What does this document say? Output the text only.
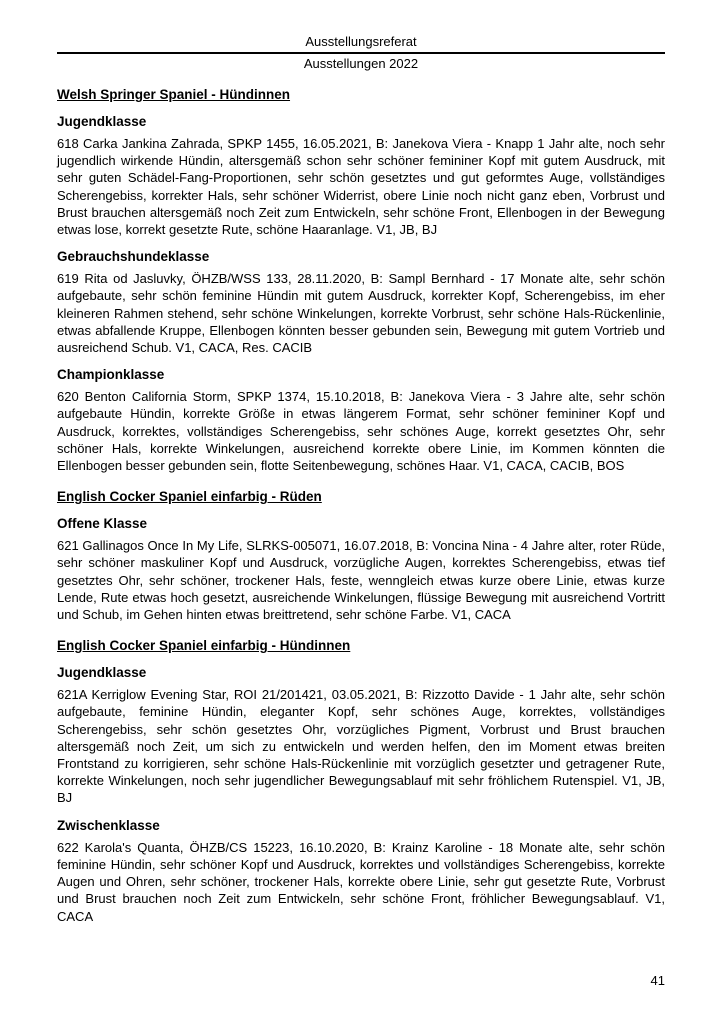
Ausstellungsreferat
Ausstellungen 2022
Welsh Springer Spaniel - Hündinnen
Jugendklasse

618 Carka Jankina Zahrada, SPKP 1455, 16.05.2021, B: Janekova Viera - Knapp 1 Jahr alte, noch sehr jugendlich wirkende Hündin, altersgemäß schon sehr schöner femininer Kopf mit gutem Ausdruck, mit sehr guten Schädel-Fang-Proportionen, sehr schön gesetztes und gut geformtes Auge, vollständiges Scherengebiss, korrekter Hals, sehr schöner Widerrist, obere Linie noch nicht ganz eben, Vorbrust und Brust brauchen altersgemäß noch Zeit zum Entwickeln, sehr schöne Front, Ellenbogen in der Bewegung etwas lose, korrekt gesetzte Rute, schöne Haaranlage. V1, JB, BJ

Gebrauchshundeklasse

619 Rita od Jasluvky, ÖHZB/WSS 133, 28.11.2020, B: Sampl Bernhard - 17 Monate alte, sehr schön aufgebaute, sehr schön feminine Hündin mit gutem Ausdruck, korrekter Kopf, Scherengebiss, im eher kleineren Rahmen stehend, sehr schöne Winkelungen, korrekte Vorbrust, sehr schöne Hals-Rückenlinie, etwas abfallende Kruppe, Ellenbogen könnten besser gebunden sein, Bewegung mit gutem Vortrieb und ausreichend Schub. V1, CACA, Res. CACIB

Championklasse

620 Benton California Storm, SPKP 1374, 15.10.2018, B: Janekova Viera - 3 Jahre alte, sehr schön aufgebaute Hündin, korrekte Größe in etwas längerem Format, sehr schöner femininer Kopf und Ausdruck, korrektes, vollständiges Scherengebiss, sehr schönes Auge, korrekt gesetztes Ohr, sehr schöner Hals, korrekte Winkelungen, ausreichend korrekte obere Linie, im Kommen könnten die Ellenbogen besser gebunden sein, flotte Seitenbewegung, schönes Haar. V1, CACA, CACIB, BOS

English Cocker Spaniel einfarbig - Rüden
Offene Klasse

621 Gallinagos Once In My Life, SLRKS-005071, 16.07.2018, B: Voncina Nina - 4 Jahre alter, roter Rüde, sehr schöner maskuliner Kopf und Ausdruck, vorzügliche Augen, korrektes Scherengebiss, etwas tief gesetztes Ohr, sehr schöner, trockener Hals, feste, wenngleich etwas kurze obere Linie, etwas kurze Lende, Rute etwas hoch gesetzt, ausreichende Winkelungen, flüssige Bewegung mit ausreichend Vortritt und Schub, im Gehen hinten etwas breittretend, sehr schöne Farbe. V1, CACA

English Cocker Spaniel einfarbig - Hündinnen
Jugendklasse

621A Kerriglow Evening Star, ROI 21/201421, 03.05.2021, B: Rizzotto Davide - 1 Jahr alte, sehr schön aufgebaute, feminine Hündin, eleganter Kopf, sehr schönes Auge, korrektes, vollständiges Scherengebiss, sehr schön gesetztes Ohr, vorzügliches Pigment, Vorbrust und Brust brauchen altersgemäß noch Zeit, um sich zu entwickeln und werden helfen, den im Moment etwas breiten Frontstand zu korrigieren, sehr schöne Hals-Rückenlinie mit vorzüglich gesetzter und getragener Rute, korrekte Winkelungen, noch sehr jugendlicher Bewegungsablauf mit sehr fröhlichem Rutenspiel. V1, JB, BJ

Zwischenklasse

622 Karola's Quanta, ÖHZB/CS 15223, 16.10.2020, B: Krainz Karoline - 18 Monate alte, sehr schön feminine Hündin, sehr schöner Kopf und Ausdruck, korrektes und vollständiges Scherengebiss, korrekte Augen und Ohren, sehr schöner, trockener Hals, korrekte obere Linie, sehr gut gesetzte Rute, Vorbrust und Brust brauchen noch Zeit zum Entwickeln, sehr schöne Front, fröhlicher Bewegungsablauf. V1, CACA

41
